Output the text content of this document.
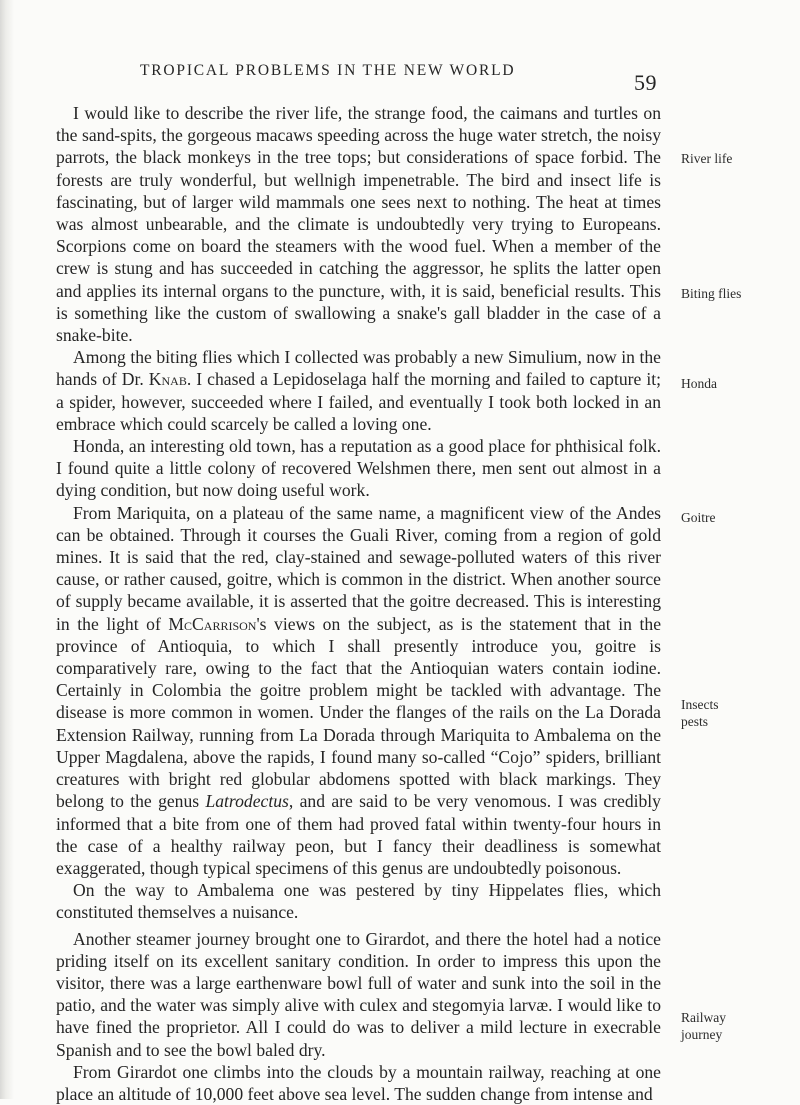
TROPICAL PROBLEMS IN THE NEW WORLD	59

I would like to describe the river life, the strange food, the caimans and turtles on the sand-spits, the gorgeous macaws speeding across the huge water stretch, the noisy parrots, the black monkeys in the tree tops; but considerations of space forbid. The forests are truly wonderful, but wellnigh impenetrable. The bird and insect life is fascinating, but of larger wild mammals one sees next to nothing. The heat at times was almost unbearable, and the climate is undoubtedly very trying to Europeans. Scorpions come on board the steamers with the wood fuel. When a member of the crew is stung and has succeeded in catching the aggressor, he splits the latter open and applies its internal organs to the puncture, with, it is said, beneficial results. This is something like the custom of swallowing a snake's gall bladder in the case of a snake-bite.

Among the biting flies which I collected was probably a new Simulium, now in the hands of Dr. Knab. I chased a Lepidoselaga half the morning and failed to capture it; a spider, however, succeeded where I failed, and eventually I took both locked in an embrace which could scarcely be called a loving one.

Honda, an interesting old town, has a reputation as a good place for phthisical folk. I found quite a little colony of recovered Welshmen there, men sent out almost in a dying condition, but now doing useful work.

From Mariquita, on a plateau of the same name, a magnificent view of the Andes can be obtained. Through it courses the Guali River, coming from a region of gold mines. It is said that the red, clay-stained and sewage-polluted waters of this river cause, or rather caused, goitre, which is common in the district. When another source of supply became available, it is asserted that the goitre decreased. This is interesting in the light of McCarrison's views on the subject, as is the statement that in the province of Antioquia, to which I shall presently introduce you, goitre is comparatively rare, owing to the fact that the Antioquian waters contain iodine. Certainly in Colombia the goitre problem might be tackled with advantage. The disease is more common in women. Under the flanges of the rails on the La Dorada Extension Railway, running from La Dorada through Mariquita to Ambalema on the Upper Magdalena, above the rapids, I found many so-called “Cojo” spiders, brilliant creatures with bright red globular abdomens spotted with black markings. They belong to the genus Latrodectus, and are said to be very venomous. I was credibly informed that a bite from one of them had proved fatal within twenty-four hours in the case of a healthy railway peon, but I fancy their deadliness is somewhat exaggerated, though typical specimens of this genus are undoubtedly poisonous.

On the way to Ambalema one was pestered by tiny Hippelates flies, which constituted themselves a nuisance.

Another steamer journey brought one to Girardot, and there the hotel had a notice priding itself on its excellent sanitary condition. In order to impress this upon the visitor, there was a large earthenware bowl full of water and sunk into the soil in the patio, and the water was simply alive with culex and stegomyia larvæ. I would like to have fined the proprietor. All I could do was to deliver a mild lecture in execrable Spanish and to see the bowl baled dry.

From Girardot one climbs into the clouds by a mountain railway, reaching at one place an altitude of 10,000 feet above sea level. The sudden change from intense and

River life
Biting flies
Honda
Goitre
Insects pests
Railway journey
